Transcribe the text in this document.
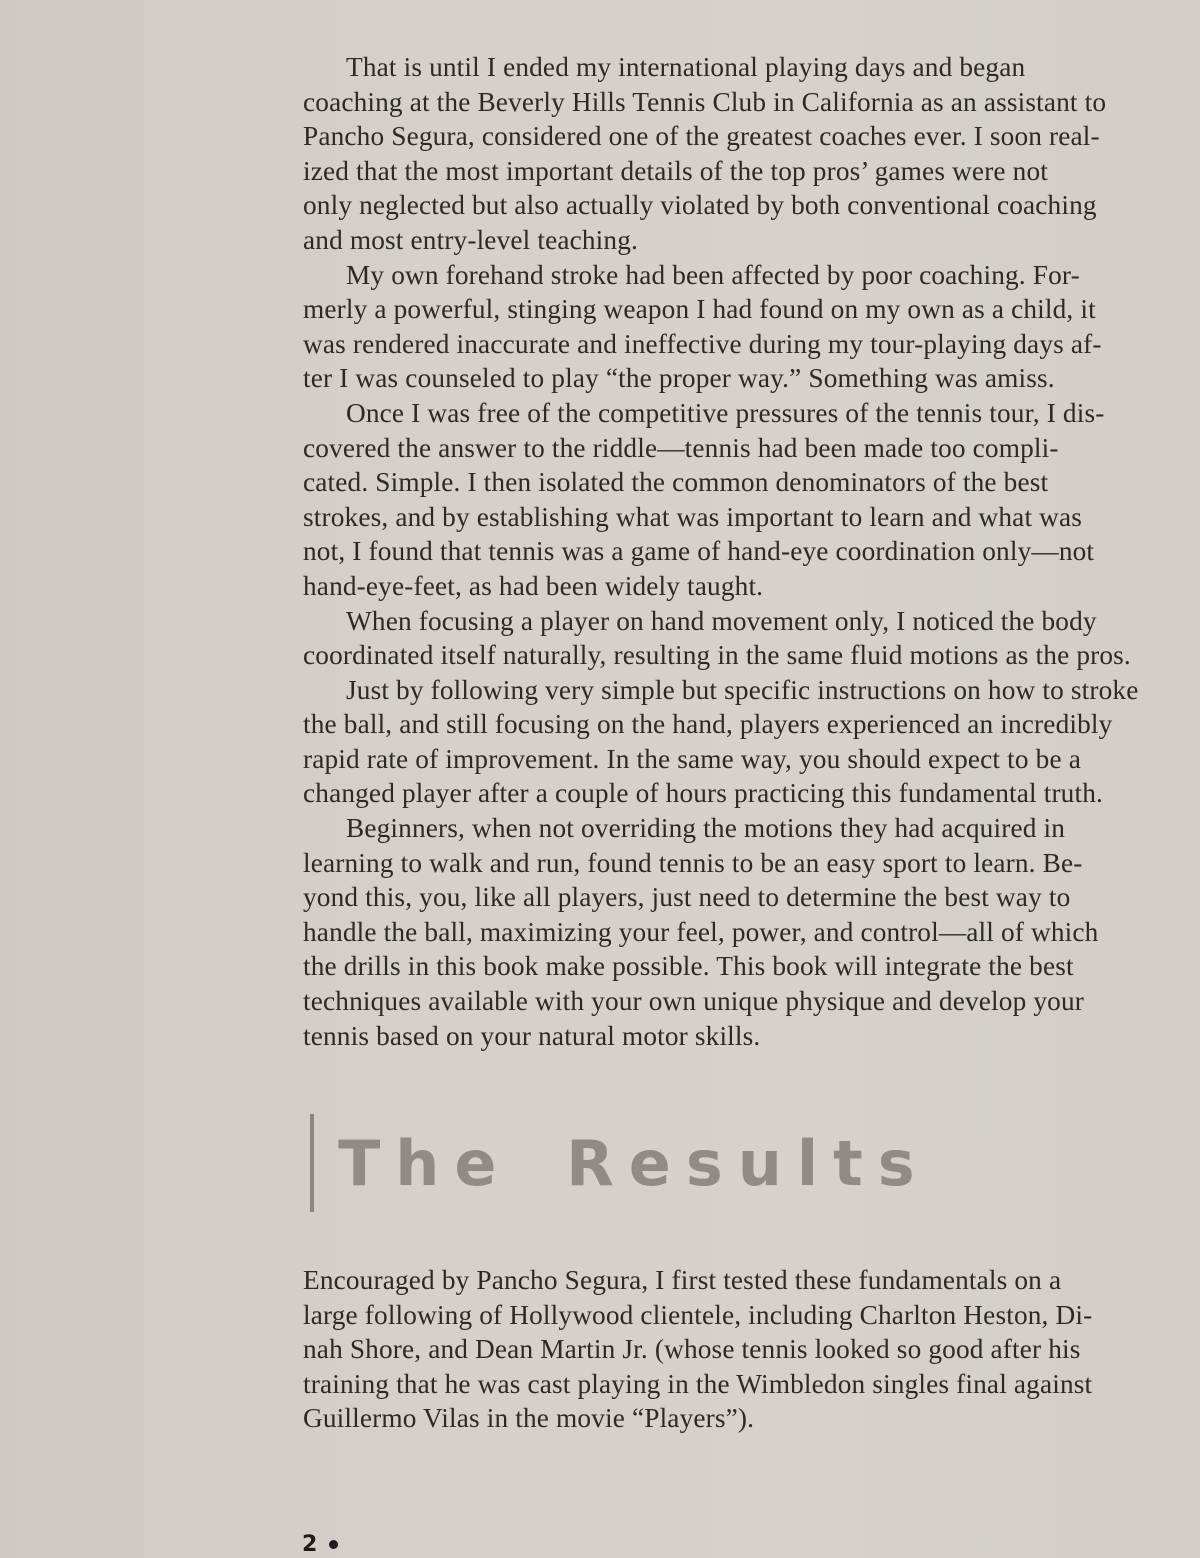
That is until I ended my international playing days and began
coaching at the Beverly Hills Tennis Club in California as an assistant to
Pancho Segura, considered one of the greatest coaches ever. I soon real-
ized that the most important details of the top pros’ games were not
only neglected but also actually violated by both conventional coaching
and most entry-level teaching.

My own forehand stroke had been affected by poor coaching. For-
merly a powerful, stinging weapon I had found on my own as a child, it
was rendered inaccurate and ineffective during my tour-playing days af-
ter I was counseled to play “the proper way.” Something was amiss.

Once I was free of the competitive pressures of the tennis tour, I dis-
covered the answer to the riddle—tennis had been made too compli-
cated. Simple. I then isolated the common denominators of the best
strokes, and by establishing what was important to learn and what was
not, I found that tennis was a game of hand-eye coordination only—not
hand-eye-feet, as had been widely taught.

When focusing a player on hand movement only, I noticed the body
coordinated itself naturally, resulting in the same fluid motions as the pros.

Just by following very simple but specific instructions on how to stroke
the ball, and still focusing on the hand, players experienced an incredibly
rapid rate of improvement. In the same way, you should expect to be a
changed player after a couple of hours practicing this fundamental truth.

Beginners, when not overriding the motions they had acquired in
learning to walk and run, found tennis to be an easy sport to learn. Be-
yond this, you, like all players, just need to determine the best way to
handle the ball, maximizing your feel, power, and control—all of which
the drills in this book make possible. This book will integrate the best
techniques available with your own unique physique and develop your
tennis based on your natural motor skills.

The Results

Encouraged by Pancho Segura, I first tested these fundamentals on a
large following of Hollywood clientele, including Charlton Heston, Di-
nah Shore, and Dean Martin Jr. (whose tennis looked so good after his
training that he was cast playing in the Wimbledon singles final against
Guillermo Vilas in the movie “Players”).

2
